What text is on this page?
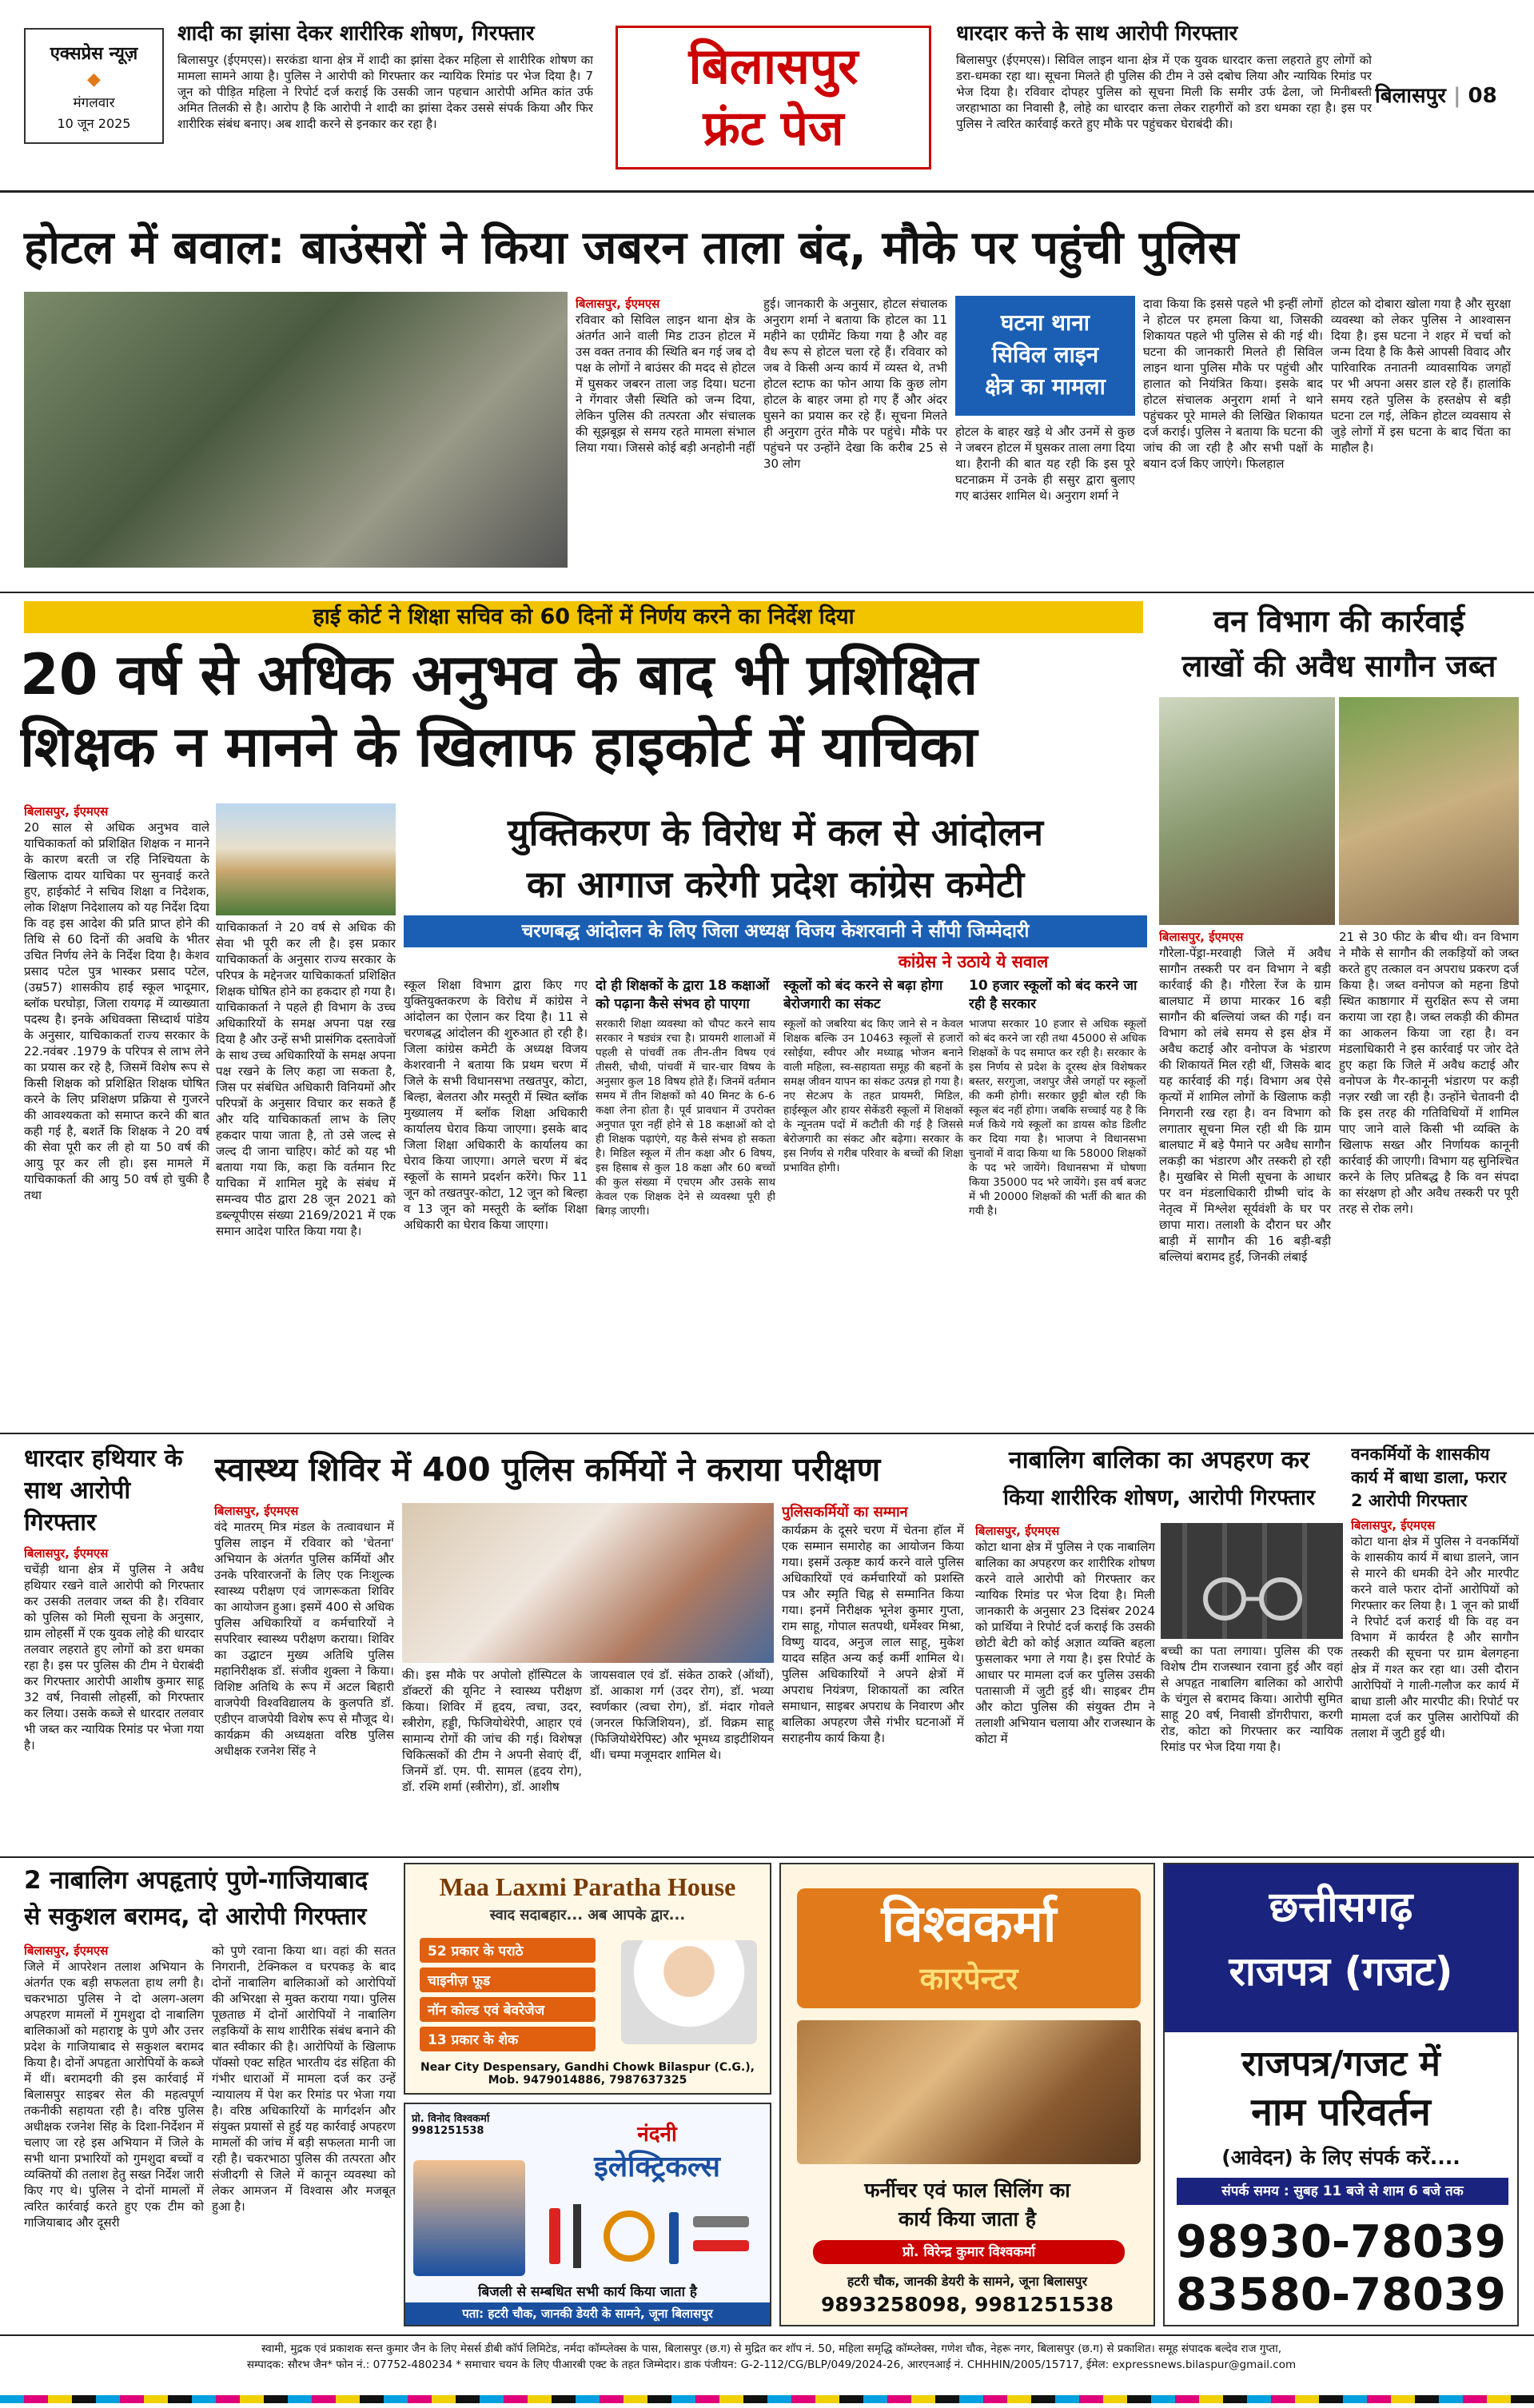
एक्सप्रेस न्यूज़
◆
मंगलवार
10 जून 2025
शादी का झांसा देकर शारीरिक शोषण, गिरफ्तार
बिलासपुर (ईएमएस)। सरकंडा थाना क्षेत्र में शादी का झांसा देकर महिला से शारीरिक शोषण का मामला सामने आया है। पुलिस ने आरोपी को गिरफ्तार कर न्यायिक रिमांड पर भेज दिया है। 7 जून को पीड़ित महिला ने रिपोर्ट दर्ज कराई कि उसकी जान पहचान आरोपी अमित कांत उर्फ अमित तिलकी से है। आरोप है कि आरोपी ने शादी का झांसा देकर उससे संपर्क किया और फिर शारीरिक संबंध बनाए। अब शादी करने से इनकार कर रहा है।
बिलासपुर
फ्रंट पेज
धारदार कत्ते के साथ आरोपी गिरफ्तार
बिलासपुर (ईएमएस)। सिविल लाइन थाना क्षेत्र में एक युवक धारदार कत्ता लहराते हुए लोगों को डरा-धमका रहा था। सूचना मिलते ही पुलिस की टीम ने उसे दबोच लिया और न्यायिक रिमांड पर भेज दिया है। रविवार दोपहर पुलिस को सूचना मिली कि समीर उर्फ ढेला, जो मिनीबस्ती जरहाभाठा का निवासी है, लोहे का धारदार कत्ता लेकर राहगीरों को डरा धमका रहा है। इस पर पुलिस ने त्वरित कार्रवाई करते हुए मौके पर पहुंचकर घेराबंदी की।
बिलासपुर | 08
होटल में बवाल: बाउंसरों ने किया जबरन ताला बंद, मौके पर पहुंची पुलिस
बिलासपुर, ईएमएस
रविवार को सिविल लाइन थाना क्षेत्र के अंतर्गत आने वाली मिड टाउन होटल में उस वक्त तनाव की स्थिति बन गई जब दो पक्ष के लोगों ने बाउंसर की मदद से होटल में घुसकर जबरन ताला जड़ दिया। घटना ने गेंगवार जैसी स्थिति को जन्म दिया, लेकिन पुलिस की तत्परता और संचालक की सूझबूझ से समय रहते मामला संभाल लिया गया। जिससे कोई बड़ी अनहोनी नहीं
हुई। जानकारी के अनुसार, होटल संचालक अनुराग शर्मा ने बताया कि होटल का 11 महीने का एग्रीमेंट किया गया है और वह वैध रूप से होटल चला रहे हैं। रविवार को जब वे किसी अन्य कार्य में व्यस्त थे, तभी होटल स्टाफ का फोन आया कि कुछ लोग होटल के बाहर जमा हो गए हैं और अंदर घुसने का प्रयास कर रहे हैं। सूचना मिलते ही अनुराग तुरंत मौके पर पहुंचे। मौके पर पहुंचने पर उन्होंने देखा कि करीब 25 से 30 लोग
घटना थाना
सिविल लाइन
क्षेत्र का मामला
होटल के बाहर खड़े थे और उनमें से कुछ ने जबरन होटल में घुसकर ताला लगा दिया था। हैरानी की बात यह रही कि इस पूरे घटनाक्रम में उनके ही ससुर द्वारा बुलाए गए बाउंसर शामिल थे। अनुराग शर्मा ने
दावा किया कि इससे पहले भी इन्हीं लोगों ने होटल पर हमला किया था, जिसकी शिकायत पहले भी पुलिस से की गई थी। घटना की जानकारी मिलते ही सिविल लाइन थाना पुलिस मौके पर पहुंची और हालात को नियंत्रित किया। इसके बाद होटल संचालक अनुराग शर्मा ने थाने पहुंचकर पूरे मामले की लिखित शिकायत दर्ज कराई। पुलिस ने बताया कि घटना की जांच की जा रही है और सभी पक्षों के बयान दर्ज किए जाएंगे। फिलहाल
होटल को दोबारा खोला गया है और सुरक्षा व्यवस्था को लेकर पुलिस ने आश्वासन दिया है। इस घटना ने शहर में चर्चा को जन्म दिया है कि कैसे आपसी विवाद और पारिवारिक तनातनी व्यावसायिक जगहों पर भी अपना असर डाल रहे हैं। हालांकि समय रहते पुलिस के हस्तक्षेप से बड़ी घटना टल गई, लेकिन होटल व्यवसाय से जुड़े लोगों में इस घटना के बाद चिंता का माहौल है।
हाई कोर्ट ने शिक्षा सचिव को 60 दिनों में निर्णय करने का निर्देश दिया
20 वर्ष से अधिक अनुभव के बाद भी प्रशिक्षित
शिक्षक न मानने के खिलाफ हाइकोर्ट में याचिका
बिलासपुर, ईएमएस
20 साल से अधिक अनुभव वाले याचिकाकर्ता को प्रशिक्षित शिक्षक न मानने के कारण बरती ज रहि निश्चियता के खिलाफ दायर याचिका पर सुनवाई करते हुए, हाईकोर्ट ने सचिव शिक्षा व निदेशक, लोक शिक्षण निदेशालय को यह निर्देश दिया कि वह इस आदेश की प्रति प्राप्त होने की तिथि से 60 दिनों की अवधि के भीतर उचित निर्णय लेने के निर्देश दिया है। केशव प्रसाद पटेल पुत्र भास्कर प्रसाद पटेल, (उम्र57) शासकीय हाई स्कूल भादूमार, ब्लॉक घरघोड़ा, जिला रायगढ़ में व्याख्याता पदस्थ है। इनके अधिवक्ता सिध्दार्थ पांडेय के अनुसार, याचिकाकर्ता राज्य सरकार के 22.नवंबर .1979 के परिपत्र से लाभ लेने का प्रयास कर रहे है, जिसमें विशेष रूप से किसी शिक्षक को प्रशिक्षित शिक्षक घोषित करने के लिए प्रशिक्षण प्रक्रिया से गुजरने की आवश्यकता को समाप्त करने की बात कही गई है, बशर्ते कि शिक्षक ने 20 वर्ष की सेवा पूरी कर ली हो या 50 वर्ष की आयु पूर कर ली हो। इस मामले में याचिकाकर्ता की आयु 50 वर्ष हो चुकी है तथा
याचिकाकर्ता ने 20 वर्ष से अधिक की सेवा भी पूरी कर ली है। इस प्रकार याचिकाकर्ता के अनुसार राज्य सरकार के परिपत्र के मद्देनजर याचिकाकर्ता प्रशिक्षित शिक्षक घोषित होने का हकदार हो गया है। याचिकाकर्ता ने पहले ही विभाग के उच्च अधिकारियों के समक्ष अपना पक्ष रख दिया है और उन्हें सभी प्रासंगिक दस्तावेजों के साथ उच्च अधिकारियों के समक्ष अपना पक्ष रखने के लिए कहा जा सकता है, जिस पर संबंधित अधिकारी विनियमों और परिपत्रों के अनुसार विचार कर सकते हैं और यदि याचिकाकर्ता लाभ के लिए हकदार पाया जाता है, तो उसे जल्द से जल्द दी जाना चाहिए। कोर्ट को यह भी बताया गया कि, कहा कि वर्तमान रिट याचिका में शामिल मुद्दे के संबंध में समन्वय पीठ द्वारा 28 जून 2021 को डब्ल्यूपीएस संख्या 2169/2021 में एक समान आदेश पारित किया गया है।
युक्तिकरण के विरोध में कल से आंदोलन
का आगाज करेगी प्रदेश कांग्रेस कमेटी
चरणबद्ध आंदोलन के लिए जिला अध्यक्ष विजय केशरवानी ने सौंपी जिम्मेदारी
कांग्रेस ने उठाये ये सवाल
स्कूल शिक्षा विभाग द्वारा किए गए युक्तियुक्तकरण के विरोध में कांग्रेस ने आंदोलन का ऐलान कर दिया है। 11 से चरणबद्ध आंदोलन की शुरुआत हो रही है। जिला कांग्रेस कमेटी के अध्यक्ष विजय केशरवानी ने बताया कि प्रथम चरण में जिले के सभी विधानसभा तखतपुर, कोटा, बिल्हा, बेलतरा और मस्तूरी में स्थित ब्लॉक मुख्यालय में ब्लॉक शिक्षा अधिकारी कार्यालय घेराव किया जाएगा। इसके बाद जिला शिक्षा अधिकारी के कार्यालय का घेराव किया जाएगा। अगले चरण में बंद स्कूलों के सामने प्रदर्शन करेंगे। फिर 11 जून को तखतपुर-कोटा, 12 जून को बिल्हा व 13 जून को मस्तूरी के ब्लॉक शिक्षा अधिकारी का घेराव किया जाएगा।
दो ही शिक्षकों के द्वारा 18 कक्षाओं को पढ़ाना कैसे संभव हो पाएगा
सरकारी शिक्षा व्यवस्था को चौपट करने साय सरकार ने षड्यंत्र रचा है। प्रायमरी शालाओं में पहली से पांचवीं तक तीन-तीन विषय एवं तीसरी, चौथी, पांचवीं में चार-चार विषय के अनुसार कुल 18 विषय होते हैं। जिनमें वर्तमान समय में तीन शिक्षकों को 40 मिनट के 6-6 कक्षा लेना होता है। पूर्व प्रावधान में उपरोक्त अनुपात पूरा नहीं होने से 18 कक्षाओं को दो ही शिक्षक पढ़ाएंगे, यह कैसे संभव हो सकता है। मिडिल स्कूल में तीन कक्षा और 6 विषय, इस हिसाब से कुल 18 कक्षा और 60 बच्चों की कुल संख्या में एचएम और उसके साथ केवल एक शिक्षक देने से व्यवस्था पूरी ही बिगड़ जाएगी।
स्कूलों को बंद करने से बढ़ा होगा बेरोजगारी का संकट
स्कूलों को जबरिया बंद किए जाने से न केवल शिक्षक बल्कि उन 10463 स्कूलों से हजारों रसोईया, स्वीपर और मध्याह्न भोजन बनाने वाली महिला, स्व-सहायता समूह की बहनों के समक्ष जीवन यापन का संकट उत्पन्न हो गया है। नए सेटअप के तहत प्रायमरी, मिडिल, हाईस्कूल और हायर सेकेंडरी स्कूलों में शिक्षकों के न्यूनतम पदों में कटौती की गई है जिससे बेरोजगारी का संकट और बढ़ेगा। सरकार के इस निर्णय से गरीब परिवार के बच्चों की शिक्षा प्रभावित होगी।
10 हजार स्कूलों को बंद करने जा रही है सरकार
भाजपा सरकार 10 हजार से अधिक स्कूलों को बंद करने जा रही तथा 45000 से अधिक शिक्षकों के पद समाप्त कर रही है। सरकार के इस निर्णय से प्रदेश के दूरस्थ क्षेत्र विशेषकर बस्तर, सरगुजा, जशपुर जैसे जगहों पर स्कूलों की कमी होगी। सरकार छुट्टी बोल रही कि स्कूल बंद नहीं होगा। जबकि सच्चाई यह है कि मर्ज किये गये स्कूलों का डायस कोड डिलीट कर दिया गया है। भाजपा ने विधानसभा चुनावों में वादा किया था कि 58000 शिक्षकों के पद भरे जायेंगे। विधानसभा में घोषणा किया 35000 पद भरे जायेंगे। इस वर्ष बजट में भी 20000 शिक्षकों की भर्ती की बात की गयी है।
वन विभाग की कार्रवाई
लाखों की अवैध सागौन जब्त
बिलासपुर, ईएमएस
गौरेला-पेंड्रा-मरवाही जिले में अवैध सागौन तस्करी पर वन विभाग ने बड़ी कार्रवाई की है। गौरेला रेंज के ग्राम बालघाट में छापा मारकर 16 बड़ी सागौन की बल्लियां जब्त की गईं। वन विभाग को लंबे समय से इस क्षेत्र में अवैध कटाई और वनोपज के भंडारण की शिकायतें मिल रही थीं, जिसके बाद यह कार्रवाई की गई। विभाग अब ऐसे कृत्यों में शामिल लोगों के खिलाफ कड़ी निगरानी रख रहा है। वन विभाग को लगातार सूचना मिल रही थी कि ग्राम बालघाट में बड़े पैमाने पर अवैध सागौन लकड़ी का भंडारण और तस्करी हो रही है। मुखबिर से मिली सूचना के आधार पर वन मंडलाधिकारी ग्रीष्मी चांद के नेतृत्व में मिश्लेश सूर्यवंशी के घर पर छापा मारा। तलाशी के दौरान घर और बाड़ी में सागौन की 16 बड़ी-बड़ी बल्लियां बरामद हुईं, जिनकी लंबाई
21 से 30 फीट के बीच थी। वन विभाग ने मौके से सागौन की लकड़ियों को जब्त करते हुए तत्काल वन अपराध प्रकरण दर्ज किया है। जब्त वनोपज को महना डिपो स्थित काष्ठागार में सुरक्षित रूप से जमा कराया जा रहा है। जब्त लकड़ी की कीमत का आकलन किया जा रहा है। वन मंडलाधिकारी ने इस कार्रवाई पर जोर देते हुए कहा कि जिले में अवैध कटाई और वनोपज के गैर-कानूनी भंडारण पर कड़ी नज़र रखी जा रही है। उन्होंने चेतावनी दी कि इस तरह की गतिविधियों में शामिल पाए जाने वाले किसी भी व्यक्ति के खिलाफ सख्त और निर्णायक कानूनी कार्रवाई की जाएगी। विभाग यह सुनिश्चित करने के लिए प्रतिबद्ध है कि वन संपदा का संरक्षण हो और अवैध तस्करी पर पूरी तरह से रोक लगे।
धारदार हथियार के साथ आरोपी गिरफ्तार
बिलासपुर, ईएमएस
चचेंड़ी थाना क्षेत्र में पुलिस ने अवैध हथियार रखने वाले आरोपी को गिरफ्तार कर उसकी तलवार जब्त की है। रविवार को पुलिस को मिली सूचना के अनुसार, ग्राम लोहर्सी में एक युवक लोहे की धारदार तलवार लहराते हुए लोगों को डरा धमका रहा है। इस पर पुलिस की टीम ने घेराबंदी कर गिरफ्तार आरोपी आशीष कुमार साहू 32 वर्ष, निवासी लोहर्सी, को गिरफ्तार कर लिया। उसके कब्जे से धारदार तलवार भी जब्त कर न्यायिक रिमांड पर भेजा गया है।
स्वास्थ्य शिविर में 400 पुलिस कर्मियों ने कराया परीक्षण
बिलासपुर, ईएमएस
वंदे मातरम् मित्र मंडल के तत्वावधान में पुलिस लाइन में रविवार को 'चेतना' अभियान के अंतर्गत पुलिस कर्मियों और उनके परिवारजनों के लिए एक निःशुल्क स्वास्थ्य परीक्षण एवं जागरूकता शिविर का आयोजन हुआ। इसमें 400 से अधिक पुलिस अधिकारियों व कर्मचारियों ने सपरिवार स्वास्थ्य परीक्षण कराया। शिविर का उद्घाटन मुख्य अतिथि पुलिस महानिरीक्षक डॉ. संजीव शुक्ला ने किया। विशिष्ट अतिथि के रूप में अटल बिहारी वाजपेयी विश्वविद्यालय के कुलपति डॉ. एडीएन वाजपेयी विशेष रूप से मौजूद थे। कार्यक्रम की अध्यक्षता वरिष्ठ पुलिस अधीक्षक रजनेश सिंह ने
की। इस मौके पर अपोलो हॉस्पिटल के डॉक्टरों की यूनिट ने स्वास्थ्य परीक्षण किया। शिविर में हृदय, त्वचा, उदर, स्त्रीरोग, हड्डी, फिजियोथेरेपी, आहार एवं सामान्य रोगों की जांच की गई। विशेषज्ञ चिकित्सकों की टीम ने अपनी सेवाएं दीं, जिनमें डॉ. एम. पी. सामल (हृदय रोग), डॉ. रश्मि शर्मा (स्त्रीरोग), डॉ. आशीष
जायसवाल एवं डॉ. संकेत ठाकरे (ऑर्थो), डॉ. आकाश गर्ग (उदर रोग), डॉ. भव्या स्वर्णकार (त्वचा रोग), डॉ. मंदार गोवले (जनरल फिजिशियन), डॉ. विक्रम साहू (फिजियोथेरेपिस्ट) और भूमध्य डाइटीशियन थीं। चम्पा मजूमदार शामिल थे।
पुलिसकर्मियों का सम्मान
कार्यक्रम के दूसरे चरण में चेतना हॉल में एक सम्मान समारोह का आयोजन किया गया। इसमें उत्कृष्ट कार्य करने वाले पुलिस अधिकारियों एवं कर्मचारियों को प्रशस्ति पत्र और स्मृति चिह्न से सम्मानित किया गया। इनमें निरीक्षक भूनेश कुमार गुप्ता, राम साहू, गोपाल सतपथी, धर्मेश्वर मिश्रा, विष्णु यादव, अनुज लाल साहू, मुकेश यादव सहित अन्य कई कर्मी शामिल थे। पुलिस अधिकारियों ने अपने क्षेत्रों में अपराध नियंत्रण, शिकायतों का त्वरित समाधान, साइबर अपराध के निवारण और बालिका अपहरण जैसे गंभीर घटनाओं में सराहनीय कार्य किया है।
नाबालिग बालिका का अपहरण कर
किया शारीरिक शोषण, आरोपी गिरफ्तार
बिलासपुर, ईएमएस
कोटा थाना क्षेत्र में पुलिस ने एक नाबालिग बालिका का अपहरण कर शारीरिक शोषण करने वाले आरोपी को गिरफ्तार कर न्यायिक रिमांड पर भेज दिया है। मिली जानकारी के अनुसार 23 दिसंबर 2024 को प्रार्थिया ने रिपोर्ट दर्ज कराई कि उसकी छोटी बेटी को कोई अज्ञात व्यक्ति बहला फुसलाकर भगा ले गया है। इस रिपोर्ट के आधार पर मामला दर्ज कर पुलिस उसकी पतासाजी में जुटी हुई थी। साइबर टीम और कोटा पुलिस की संयुक्त टीम ने तलाशी अभियान चलाया और राजस्थान के कोटा में
बच्ची का पता लगाया। पुलिस की एक विशेष टीम राजस्थान रवाना हुई और वहां से अपहृत नाबालिग बालिका को आरोपी के चंगुल से बरामद किया। आरोपी सुमित साहू 20 वर्ष, निवासी डोंगरीपारा, करगी रोड, कोटा को गिरफ्तार कर न्यायिक रिमांड पर भेज दिया गया है।
वनकर्मियों के शासकीय कार्य में बाधा डाला, फरार 2 आरोपी गिरफ्तार
बिलासपुर, ईएमएस
कोटा थाना क्षेत्र में पुलिस ने वनकर्मियों के शासकीय कार्य में बाधा डालने, जान से मारने की धमकी देने और मारपीट करने वाले फरार दोनों आरोपियों को गिरफ्तार कर लिया है। 1 जून को प्रार्थी ने रिपोर्ट दर्ज कराई थी कि वह वन विभाग में कार्यरत है और सागौन तस्करी की सूचना पर ग्राम बेलगहना क्षेत्र में गश्त कर रहा था। उसी दौरान आरोपियों ने गाली-गलौज कर कार्य में बाधा डाली और मारपीट की। रिपोर्ट पर मामला दर्ज कर पुलिस आरोपियों की तलाश में जुटी हुई थी।
2 नाबालिग अपहृताएं पुणे-गाजियाबाद
से सकुशल बरामद, दो आरोपी गिरफ्तार
बिलासपुर, ईएमएस
जिले में आपरेशन तलाश अभियान के अंतर्गत एक बड़ी सफलता हाथ लगी है। चकरभाठा पुलिस ने दो अलग-अलग अपहरण मामलों में गुमशुदा दो नाबालिग बालिकाओं को महाराष्ट्र के पुणे और उत्तर प्रदेश के गाजियाबाद से सकुशल बरामद किया है। दोनों अपहृता आरोपियों के कब्जे में थीं। बरामदगी की इस कार्रवाई में बिलासपुर साइबर सेल की महत्वपूर्ण तकनीकी सहायता रही है। वरिष्ठ पुलिस अधीक्षक रजनेश सिंह के दिशा-निर्देशन में चलाए जा रहे इस अभियान में जिले के सभी थाना प्रभारियों को गुमशुदा बच्चों व व्यक्तियों की तलाश हेतु सख्त निर्देश जारी किए गए थे। पुलिस ने दोनों मामलों में त्वरित कार्रवाई करते हुए एक टीम को गाजियाबाद और दूसरी
को पुणे रवाना किया था। वहां की सतत निगरानी, टेक्निकल व घरपकड़ के बाद दोनों नाबालिग बालिकाओं को आरोपियों की अभिरक्षा से मुक्त कराया गया। पुलिस पूछताछ में दोनों आरोपियों ने नाबालिग लड़कियों के साथ शारीरिक संबंध बनाने की बात स्वीकार की है। आरोपियों के खिलाफ पॉक्सो एक्ट सहित भारतीय दंड संहिता की गंभीर धाराओं में मामला दर्ज कर उन्हें न्यायालय में पेश कर रिमांड पर भेजा गया है। वरिष्ठ अधिकारियों के मार्गदर्शन और संयुक्त प्रयासों से हुई यह कार्रवाई अपहरण मामलों की जांच में बड़ी सफलता मानी जा रही है। चकरभाठा पुलिस की तत्परता और संजीदगी से जिले में कानून व्यवस्था को लेकर आमजन में विश्वास और मजबूत हुआ है।
Maa Laxmi Paratha House
स्वाद सदाबहार... अब आपके द्वार...
52 प्रकार के पराठे
चाइनीज़ फूड
नॉन कोल्ड एवं बेवरेजेज
13 प्रकार के शेक
Near City Despensary, Gandhi Chowk Bilaspur (C.G.), Mob. 9479014886, 7987637325
प्रो. विनोद विश्वकर्मा 9981251538	नंदनी
इलेक्ट्रिकल्स
बिजली से सम्बधित सभी कार्य किया जाता है
पता: हटरी चौक, जानकी डेयरी के सामने, जूना बिलासपुर
विश्वकर्मा
कारपेन्टर
फर्नीचर एवं फाल सिलिंग का
कार्य किया जाता है
प्रो. विरेन्द्र कुमार विश्वकर्मा
हटरी चौक, जानकी डेयरी के सामने, जूना बिलासपुर
9893258098, 9981251538
छत्तीसगढ़
राजपत्र (गजट)
राजपत्र/गजट में
नाम परिवर्तन
(आवेदन) के लिए संपर्क करें....
संपर्क समय : सुबह 11 बजे से शाम 6 बजे तक
98930-78039
83580-78039
स्वामी, मुद्रक एवं प्रकाशक सन्त कुमार जैन के लिए मेसर्स डीबी कॉर्प लिमिटेड, नर्मदा कॉम्प्लेक्स के पास, बिलासपुर (छ.ग) से मुद्रित कर शॉप नं. 50, महिला समृद्धि कॉम्प्लेक्स, गणेश चौक, नेहरू नगर, बिलासपुर (छ.ग) से प्रकाशित। समूह संपादक बल्देव राज गुप्ता,
सम्पादक: सौरभ जैन* फोन नं.: 07752-480234 * समाचार चयन के लिए पीआरबी एक्ट के तहत जिम्मेदार। डाक पंजीयन: G-2-112/CG/BLP/049/2024-26, आरएनआई नं. CHHHIN/2005/15717, ईमेल: expressnews.bilaspur@gmail.com
